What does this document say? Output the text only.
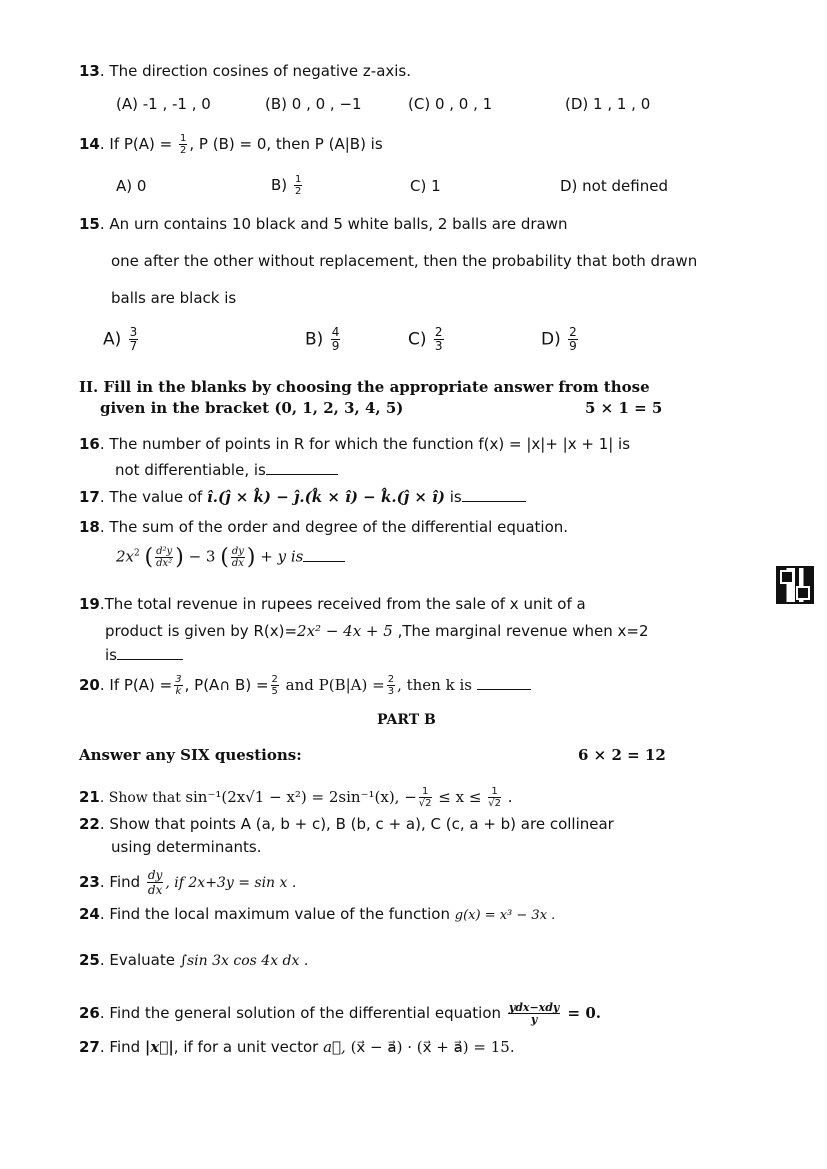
13. The direction cosines of negative z-axis.
(A) -1 , -1 , 0	(B) 0 , 0 , −1	(C) 0 , 0 , 1	(D) 1 , 1 , 0
14. If $P(A) = \frac{1}{2}$ , P (B) = 0, then P (A|B) is
A) 0	$B) \frac{1}{2}$	C) 1	D) not defined
15. An urn contains 10 black and 5 white balls, 2 balls are drawn
one after the other without replacement, then the probability that both drawn
balls are black is
$A) \frac{3}{7}$	$B) \frac{4}{9}$	$C) \frac{2}{3}$	$D) \frac{2}{9}$
II. Fill in the blanks by choosing the appropriate answer from those
given in the bracket (0, 1, 2, 3, 4, 5)	5 × 1 = 5
16. The number of points in R for which the function f(x) = |x|+ |x + 1| is
not differentiable, is
17. The value of î.(ĵ × k̂) − ĵ.(k̂ × î) − k̂.(ĵ × î) is
18. The sum of the order and degree of the differential equation.
$2x^2$ ( $\frac{\text{d²y}}{\text{dx²}}$ ) − 3 ( $\frac{dy}{dx}$ ) + y is
19.The total revenue in rupees received from the sale of x unit of a
product is given by R(x)=2x² − 4x + 5 ,The marginal revenue when x=2
is
20. If $P(A) = \frac{3}{k}$ , P(A∩ $B) = \frac{2}{5}$ and $P(B|A) = \frac{2}{3}$ , then k is
PART B
Answer any SIX questions:	6 × 2 = 12
21. Show that sin⁻¹(2x√1 − x²) = 2sin⁻¹(x), − $\frac{1}{√2} \le x \le \frac{1}{√2}$ .
22. Show that points A (a, b + c), B (b, c + a), C (c, a + b) are collinear
using determinants.
23. Find $\frac{dy}{dx}$ , if 2x+3y = sin x .
24. Find the local maximum value of the function g(x) = x³ − 3x .
25. Evaluate ∫sin 3x cos 4x dx .
26. Find the general solution of the differential equation $\frac{\text{ydx−xdy}}{y} = 0$.
27. Find |x⃗|, if for a unit vector a⃗, (x⃗ − a⃗) · (x⃗ + a⃗) = 15.
